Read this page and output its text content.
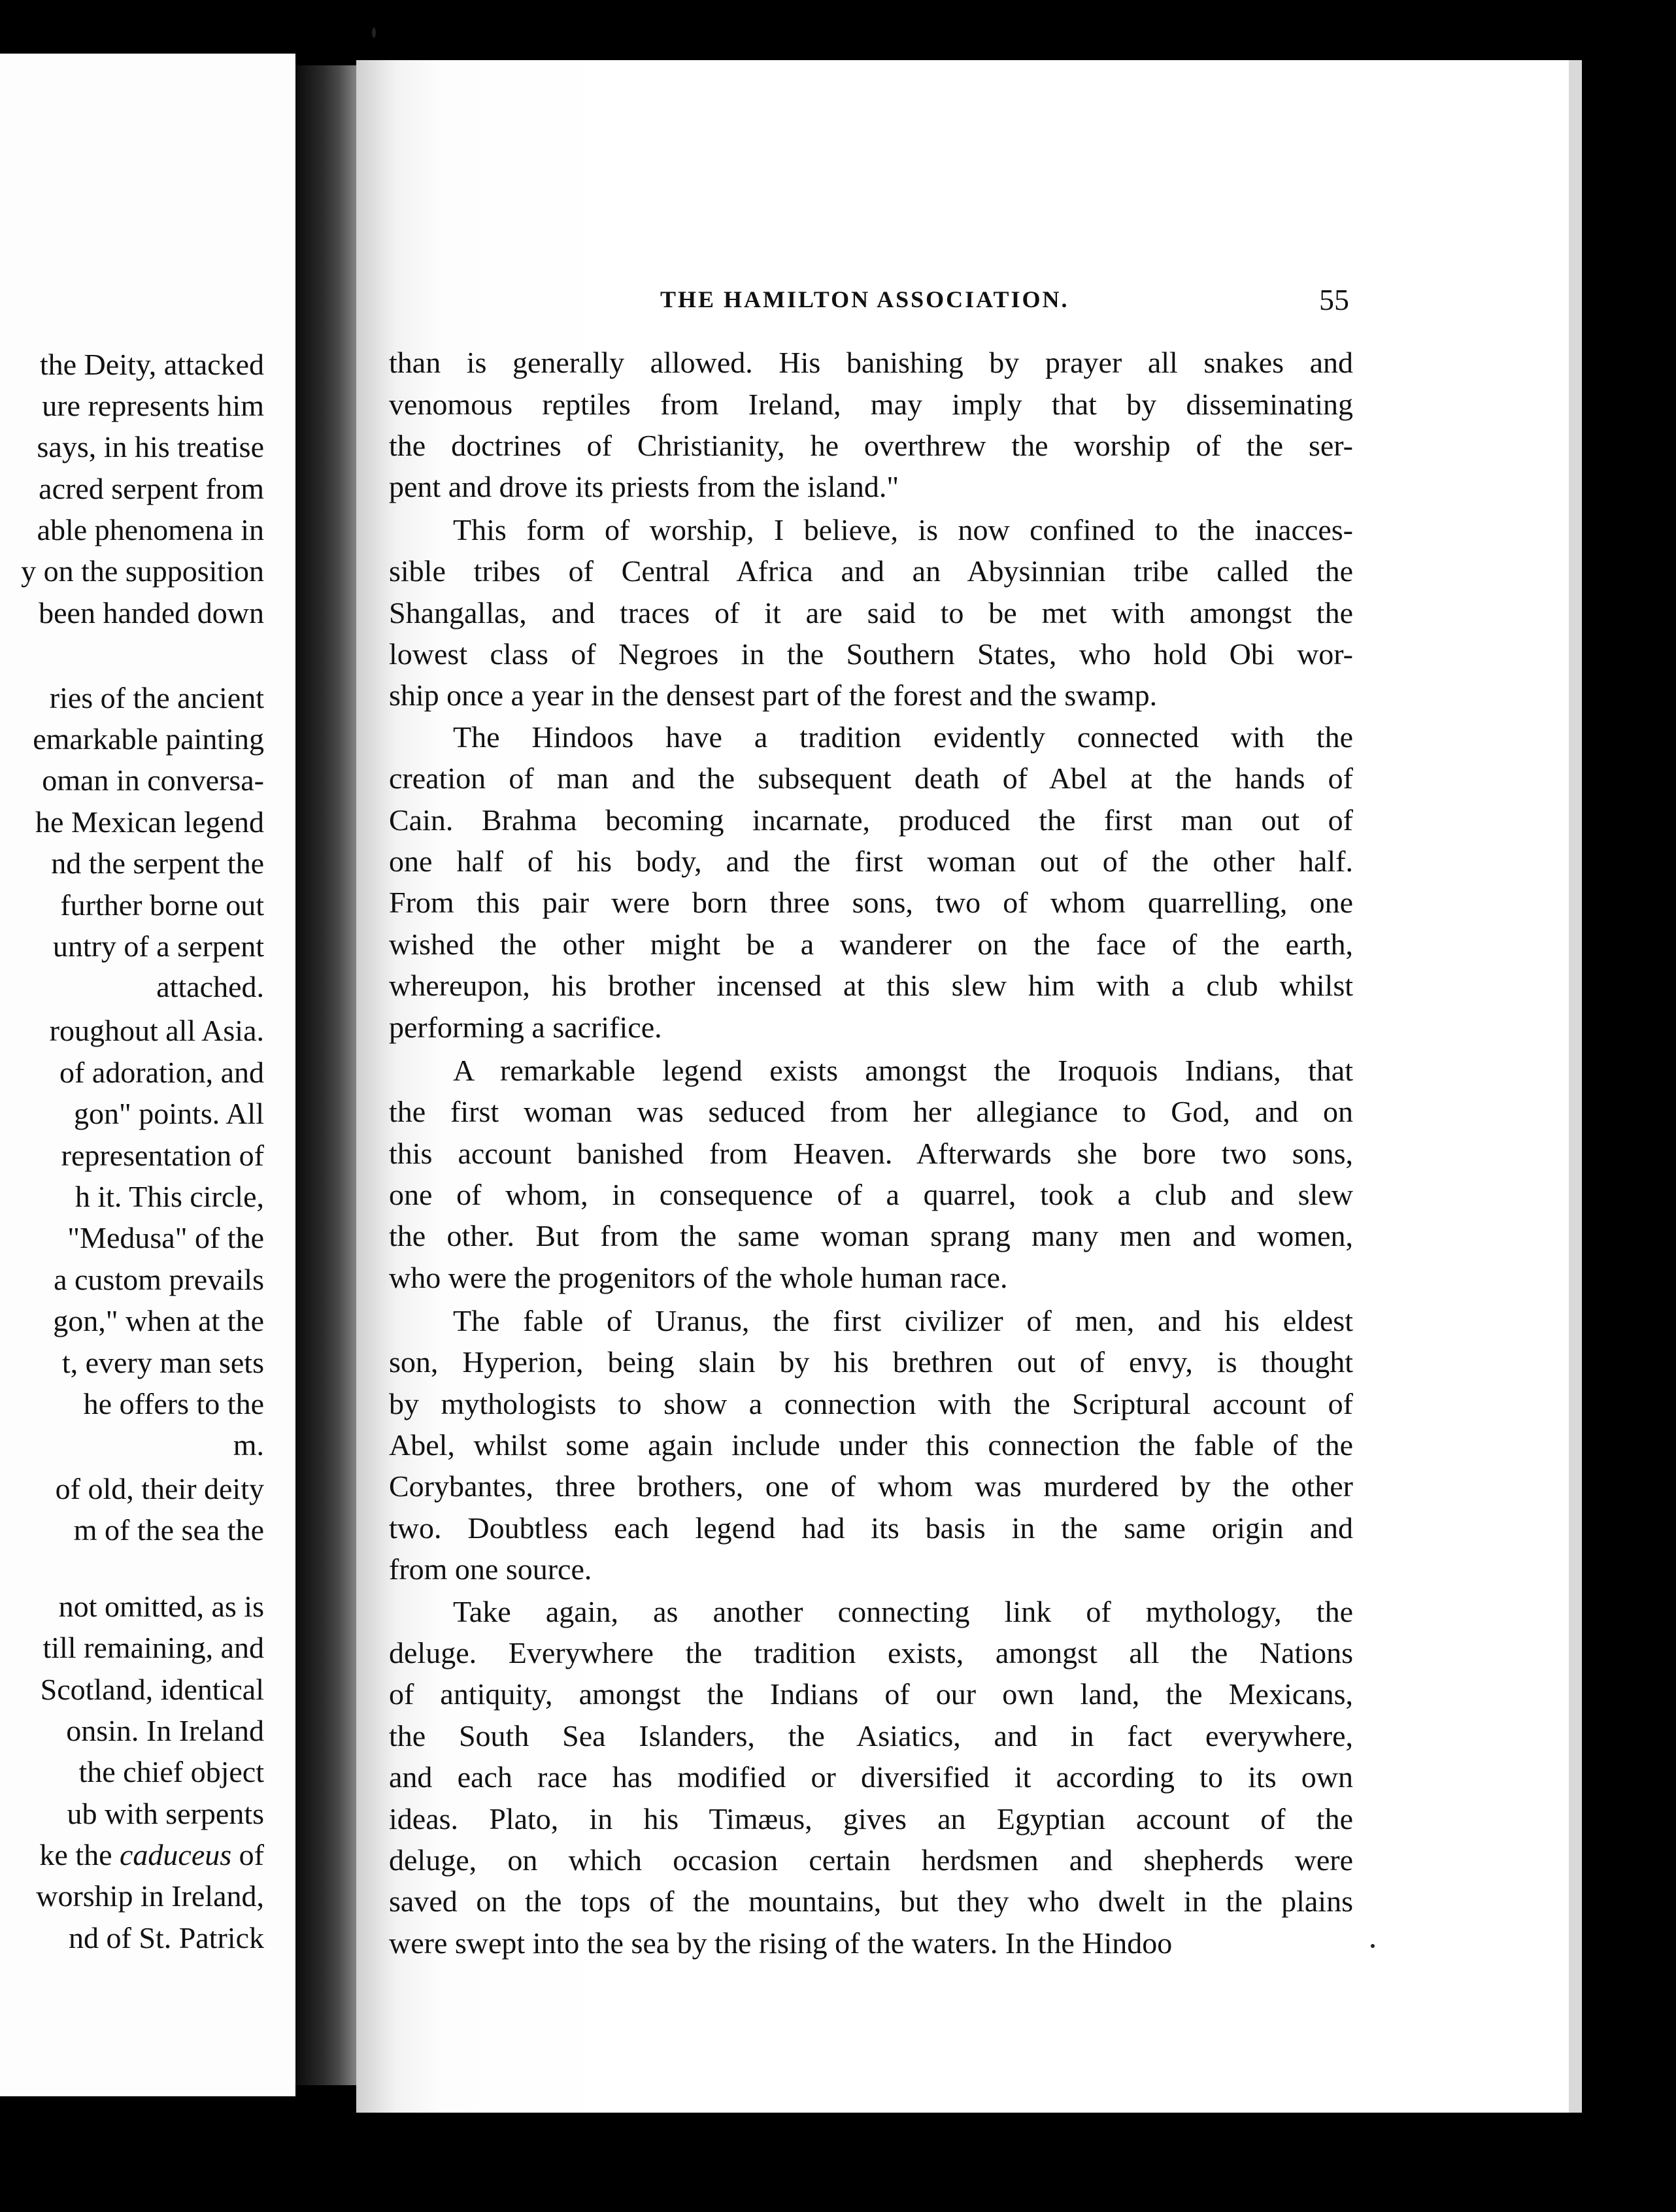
the Deity, attacked
ure represents him
says, in his treatise
acred serpent from
able phenomena in
y on the supposition
been handed down
ries of the ancient
emarkable painting
oman in conversa-
he Mexican legend
nd the serpent the
further borne out
untry of a serpent
attached.
roughout all Asia.
of adoration, and
gon" points. All
representation of
h it. This circle,
"Medusa" of the
a custom prevails
gon," when at the
t, every man sets
he offers to the
m.
of old, their deity
m of the sea the
not omitted, as is
till remaining, and
Scotland, identical
onsin. In Ireland
the chief object
ub with serpents
ke the caduceus of
worship in Ireland,
nd of St. Patrick
THE HAMILTON ASSOCIATION.	55
than is generally allowed. His banishing by prayer all snakes and
venomous reptiles from Ireland, may imply that by disseminating
the doctrines of Christianity, he overthrew the worship of the ser-
pent and drove its priests from the island."
This form of worship, I believe, is now confined to the inacces-
sible tribes of Central Africa and an Abysinnian tribe called the
Shangallas, and traces of it are said to be met with amongst the
lowest class of Negroes in the Southern States, who hold Obi wor-
ship once a year in the densest part of the forest and the swamp.
The Hindoos have a tradition evidently connected with the
creation of man and the subsequent death of Abel at the hands of
Cain. Brahma becoming incarnate, produced the first man out of
one half of his body, and the first woman out of the other half.
From this pair were born three sons, two of whom quarrelling, one
wished the other might be a wanderer on the face of the earth,
whereupon, his brother incensed at this slew him with a club whilst
performing a sacrifice.
A remarkable legend exists amongst the Iroquois Indians, that
the first woman was seduced from her allegiance to God, and on
this account banished from Heaven. Afterwards she bore two sons,
one of whom, in consequence of a quarrel, took a club and slew
the other. But from the same woman sprang many men and women,
who were the progenitors of the whole human race.
The fable of Uranus, the first civilizer of men, and his eldest
son, Hyperion, being slain by his brethren out of envy, is thought
by mythologists to show a connection with the Scriptural account of
Abel, whilst some again include under this connection the fable of the
Corybantes, three brothers, one of whom was murdered by the other
two. Doubtless each legend had its basis in the same origin and
from one source.
Take again, as another connecting link of mythology, the
deluge. Everywhere the tradition exists, amongst all the Nations
of antiquity, amongst the Indians of our own land, the Mexicans,
the South Sea Islanders, the Asiatics, and in fact everywhere,
and each race has modified or diversified it according to its own
ideas. Plato, in his Timæus, gives an Egyptian account of the
deluge, on which occasion certain herdsmen and shepherds were
saved on the tops of the mountains, but they who dwelt in the plains
were swept into the sea by the rising of the waters. In the Hindoo
